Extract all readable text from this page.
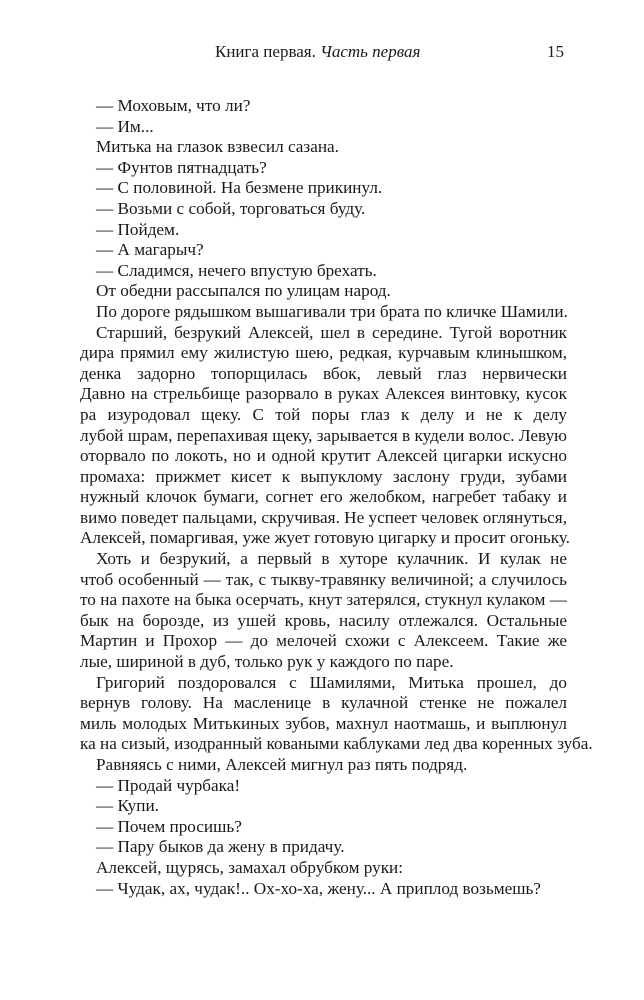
Книга первая. Часть первая	15
— Моховым, что ли?
— Им...
Митька на глазок взвесил сазана.
— Фунтов пятнадцать?
— С половиной. На безмене прикинул.
— Возьми с собой, торговаться буду.
— Пойдем.
— А магарыч?
— Сладимся, нечего впустую брехать.
От обедни рассыпался по улицам народ.
По дороге рядышком вышагивали три брата по кличке Шамили.
Старший, безрукий Алексей, шел в середине. Тугой воротник
дира прямил ему жилистую шею, редкая, курчавым клинышком,
денка задорно топорщилась вбок, левый глаз нервически
Давно на стрельбище разорвало в руках Алексея винтовку, кусок
ра изуродовал щеку. С той поры глаз к делу и не к делу
лубой шрам, перепахивая щеку, зарывается в кудели волос. Левую
оторвало по локоть, но и одной крутит Алексей цигарки искусно
промаха: прижмет кисет к выпуклому заслону груди, зубами
нужный клочок бумаги, согнет его желобком, нагребет табаку и
вимо поведет пальцами, скручивая. Не успеет человек оглянуться,
Алексей, помаргивая, уже жует готовую цигарку и просит огоньку.
Хоть и безрукий, а первый в хуторе кулачник. И кулак не
чтоб особенный — так, с тыкву-травянку величиной; а случилось
то на пахоте на быка осерчать, кнут затерялся, стукнул кулаком —
бык на борозде, из ушей кровь, насилу отлежался. Остальные
Мартин и Прохор — до мелочей схожи с Алексеем. Такие же
лые, шириной в дуб, только рук у каждого по паре.
Григорий поздоровался с Шамилями, Митька прошел, до
вернув голову. На масленице в кулачной стенке не пожалел
миль молодых Митькиных зубов, махнул наотмашь, и выплюнул
ка на сизый, изодранный коваными каблуками лед два коренных зуба.
Равняясь с ними, Алексей мигнул раз пять подряд.
— Продай чурбака!
— Купи.
— Почем просишь?
— Пару быков да жену в придачу.
Алексей, щурясь, замахал обрубком руки:
— Чудак, ах, чудак!.. Ох-хо-ха, жену... А приплод возьмешь?
